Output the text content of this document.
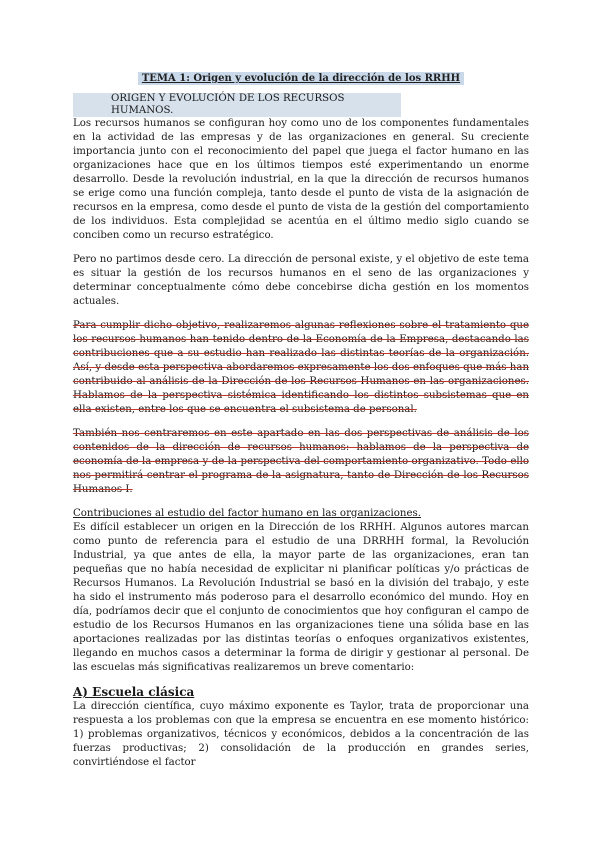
TEMA 1: Origen y evolución de la dirección de los RRHH
ORIGEN Y EVOLUCIÓN DE LOS RECURSOS HUMANOS.

Los recursos humanos se configuran hoy como uno de los componentes fundamentales en la actividad de las empresas y de las organizaciones en general. Su creciente importancia junto con el reconocimiento del papel que juega el factor humano en las organizaciones hace que en los últimos tiempos esté experimentando un enorme desarrollo. Desde la revolución industrial, en la que la dirección de recursos humanos se erige como una función compleja, tanto desde el punto de vista de la asignación de recursos en la empresa, como desde el punto de vista de la gestión del comportamiento de los individuos. Esta complejidad se acentúa en el último medio siglo cuando se conciben como un recurso estratégico.

Pero no partimos desde cero. La dirección de personal existe, y el objetivo de este tema es situar la gestión de los recursos humanos en el seno de las organizaciones y determinar conceptualmente cómo debe concebirse dicha gestión en los momentos actuales.

Para cumplir dicho objetivo, realizaremos algunas reflexiones sobre el tratamiento que los recursos humanos han tenido dentro de la Economía de la Empresa, destacando las contribuciones que a su estudio han realizado las distintas teorías de la organización. Así, y desde esta perspectiva abordaremos expresamente los dos enfoques que más han contribuido al análisis de la Dirección de los Recursos Humanos en las organizaciones. Hablamos de la perspectiva sistémica identificando los distintos subsistemas que en ella existen, entre los que se encuentra el subsistema de personal.

También nos centraremos en este apartado en las dos perspectivas de análisis de los contenidos de la dirección de recursos humanos: hablamos de la perspectiva de economía de la empresa y de la perspectiva del comportamiento organizativo. Todo ello nos permitirá centrar el programa de la asignatura, tanto de Dirección de los Recursos Humanos I.

Contribuciones al estudio del factor humano en las organizaciones.

Es difícil establecer un origen en la Dirección de los RRHH. Algunos autores marcan como punto de referencia para el estudio de una DRRHH formal, la Revolución Industrial, ya que antes de ella, la mayor parte de las organizaciones, eran tan pequeñas que no había necesidad de explicitar ni planificar políticas y/o prácticas de Recursos Humanos. La Revolución Industrial se basó en la división del trabajo, y este ha sido el instrumento más poderoso para el desarrollo económico del mundo. Hoy en día, podríamos decir que el conjunto de conocimientos que hoy configuran el campo de estudio de los Recursos Humanos en las organizaciones tiene una sólida base en las aportaciones realizadas por las distintas teorías o enfoques organizativos existentes, llegando en muchos casos a determinar la forma de dirigir y gestionar al personal. De las escuelas más significativas realizaremos un breve comentario:

A) Escuela clásica

La dirección científica, cuyo máximo exponente es Taylor, trata de proporcionar una respuesta a los problemas con que la empresa se encuentra en ese momento histórico: 1) problemas organizativos, técnicos y económicos, debidos a la concentración de las fuerzas productivas; 2) consolidación de la producción en grandes series, convirtiéndose el factor
